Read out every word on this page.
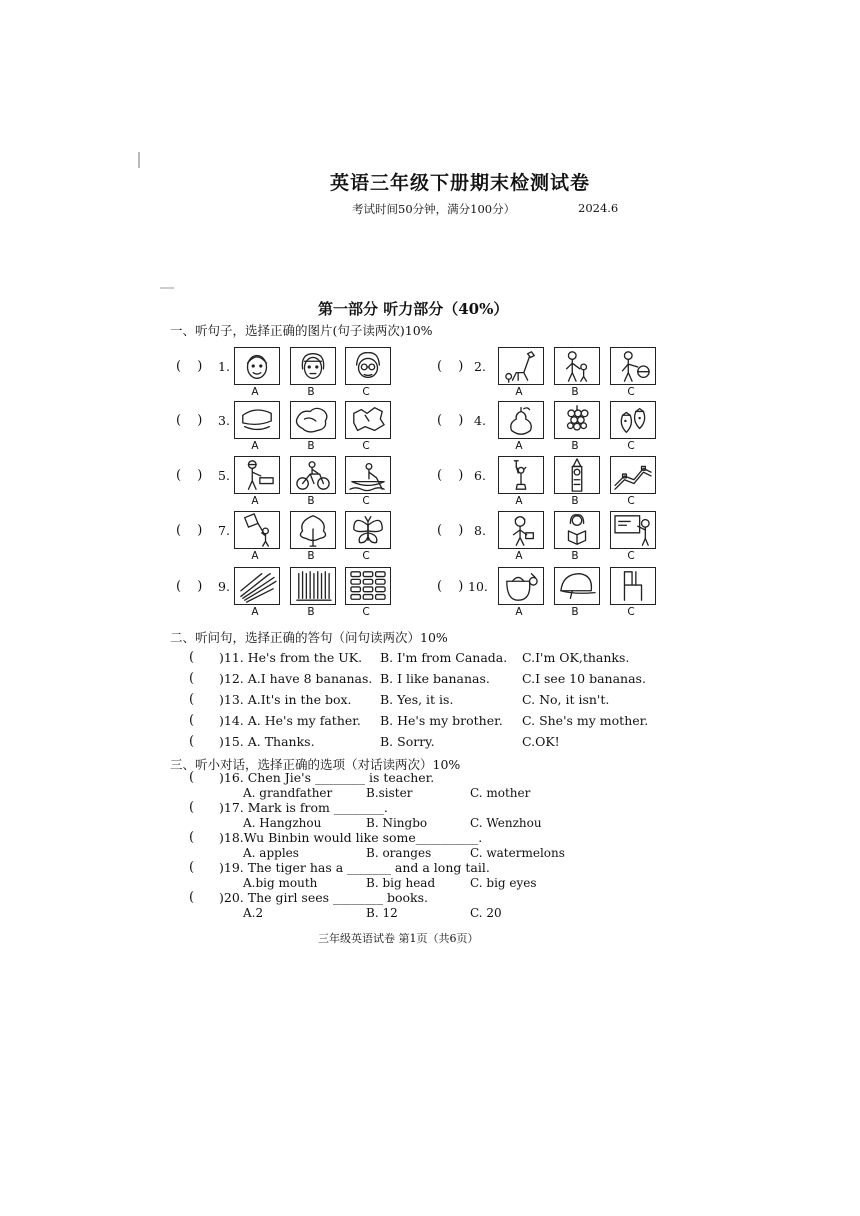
英语三年级下册期末检测试卷
考试时间50分钟，满分100分）	2024.6
第一部分 听力部分（40%）
一、听句子，选择正确的图片(句子读两次)10%
( ) 1.
A	B	C
( ) 2.
A	B	C
( ) 3.
A	B	C
( ) 4.
A	B	C
( ) 5.
A	B	C
( ) 6.
A	B	C
( ) 7.
A	B	C
( ) 8.
A	B	C
( ) 9.
A	B	C
( ) 10.
A	B	C
二、听问句，选择正确的答句（问句读两次）10%
( )11. He's from the UK. B. I'm from Canada. C.I'm OK,thanks.
( )12. A.I have 8 bananas. B. I like bananas.	C.I see 10 bananas.
( )13. A.It's in the box. B. Yes, it is.	C. No, it isn't.
( )14. A. He's my father. B. He's my brother. C. She's my mother.
( )15. A. Thanks.	B. Sorry.	C.OK!
三、听小对话，选择正确的选项（对话读两次）10%
( )16. Chen Jie's ________ is teacher.
A. grandfather	B.sister	C. mother
( )17. Mark is from ________.
A. Hangzhou	B. Ningbo	C. Wenzhou
( )18.Wu Binbin would like some__________.
A. apples	B. oranges	C. watermelons
( )19. The tiger has a _______ and a long tail.
A.big mouth	B. big head	C. big eyes
( )20. The girl sees ________ books.
A.2	B. 12	C. 20
三年级英语试卷 第1页（共6页）
